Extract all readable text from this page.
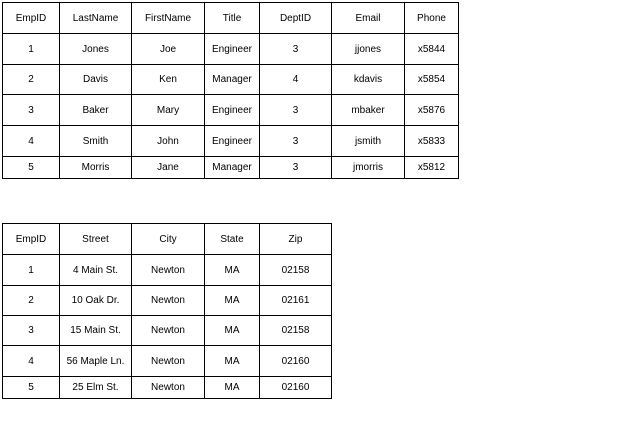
EmpID	LastName	FirstName	Title	DeptID	Email	Phone
1	Jones	Joe	Engineer	3	jjones	x5844
2	Davis	Ken	Manager	4	kdavis	x5854
3	Baker	Mary	Engineer	3	mbaker	x5876
4	Smith	John	Engineer	3	jsmith	x5833
5	Morris	Jane	Manager	3	jmorris	x5812
EmpID	Street	City	State	Zip
1	4 Main St.	Newton	MA	02158
2	10 Oak Dr.	Newton	MA	02161
3	15 Main St.	Newton	MA	02158
4	56 Maple Ln.	Newton	MA	02160
5	25 Elm St.	Newton	MA	02160
